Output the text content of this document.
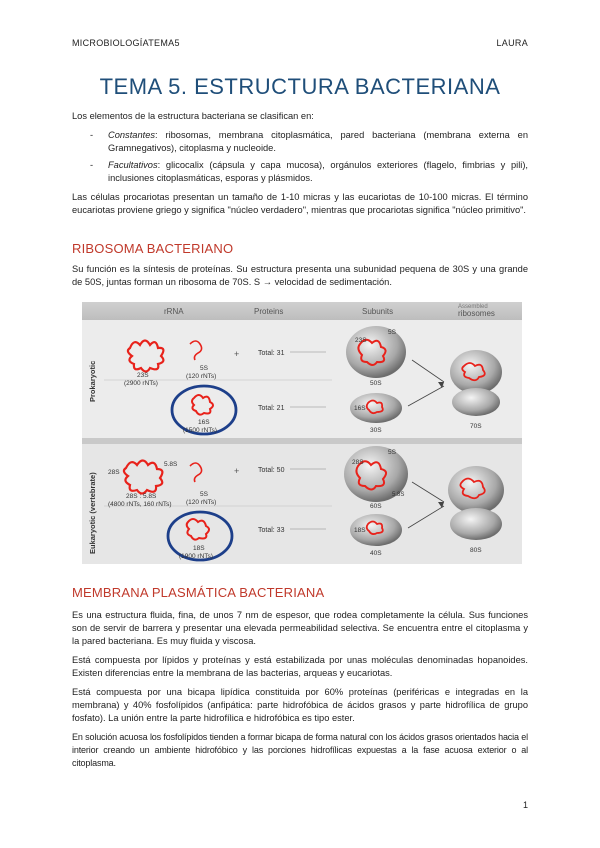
MICROBIOLOGÍATEMA5	LAURA
TEMA 5. ESTRUCTURA BACTERIANA

Los elementos de la estructura bacteriana se clasifican en:

- Constantes: ribosomas, membrana citoplasmática, pared bacteriana (membrana externa en Gramnegativos), citoplasma y nucleoide.
- Facultativos: glicocalix (cápsula y capa mucosa), orgánulos exteriores (flagelo, fimbrias y pili), inclusiones citoplasmáticas, esporas y plásmidos.

Las células procariotas presentan un tamaño de 1-10 micras y las eucariotas de 10-100 micras. El término eucariotas proviene griego y significa "núcleo verdadero", mientras que procariotas significa "núcleo primitivo".

RIBOSOMA BACTERIANO

Su función es la síntesis de proteínas. Su estructura presenta una subunidad pequena de 30S y una grande de 50S, juntas forman un ribosoma de 70S. S → velocidad de sedimentación.

rRNA	Proteins	Subunits	Assembled
ribosomes
Prokaryotic
Eukaryotic (vertebrate)
23S
(2900 rNTs)
5S
(120 rNTs)
+	Total: 31
16S
(1500 rNTs)
Total: 21
23S
5S
50S
16S
30S
70S
28S
5.8S
28S : 5.8S
(4800 rNTs, 160 rNTs)
5S
(120 rNTs)
+	Total: 50
18S
(1900 rNTs)
Total: 33
5S
28S
5.8S
60S
18S
40S	80S
MEMBRANA PLASMÁTICA BACTERIANA

Es una estructura fluida, fina, de unos 7 nm de espesor, que rodea completamente la célula. Sus funciones son de servir de barrera y presentar una elevada permeabilidad selectiva. Se encuentra entre el citoplasma y la pared bacteriana. Es muy fluida y viscosa.

Está compuesta por lípidos y proteínas y está estabilizada por unas moléculas denominadas hopanoides. Existen diferencias entre la membrana de las bacterias, arqueas y eucariotas.

Está compuesta por una bicapa lipídica constituida por 60% proteínas (periféricas e integradas en la membrana) y 40% fosfolípidos (anfipática: parte hidrofóbica de ácidos grasos y parte hidrofílica de grupo fosfato). La unión entre la parte hidrofílica e hidrofóbica es tipo ester.

En solución acuosa los fosfolípidos tienden a formar bicapa de forma natural con los ácidos grasos orientados hacia el interior creando un ambiente hidrofóbico y las porciones hidrofílicas expuestas a la fase acuosa exterior o al citoplasma.

1
